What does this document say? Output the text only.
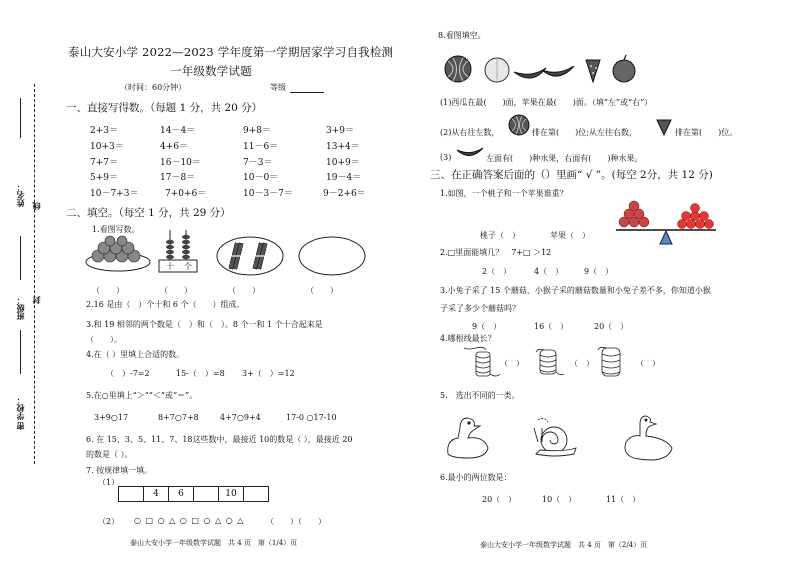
姓名： 线
班级： 封
学校：
密
泰山大安小学 2022—2023 学年度第一学期居家学习自我检测
一年级数学试题
（时间：60分钟）	等级
一、直接写得数。（每题 1 分，共 20 分）
2+3＝	14－4＝	9+8＝	3+9＝
10+3＝	4+6＝	11－6＝	13+4＝
7+7＝	16－10＝	7－3＝	10+9＝
5+9＝	17－8＝	10－0＝	19－4＝
10－7+3＝	7+0+6＝	10－3－7＝	9－2+6＝
二、填空。（每空 1 分，共 29 分）
1.看图写数。
十 个
（　　）	（　　）	（　　）	（　　）
2.16 是由（　）个十和 6 个（　　）组成。
3.和 19 相邻的两个数是（　）和（　）。8 个一和 1 个十合起来是
（　　）。
4.在（ ）里填上合适的数。
（　）-7=2	15-（　）=8 3+（　）=12
5.在○里填上“＞”“＜”或“＝”。
3+9○17	8+7○7+8	4+7○9+4	17-0 ○17-10
6. 在 15、3、5、11、7、18这些数中，最接近 10的数是（ ），最接近 20
的数是（ ）。
7. 按规律填一填。
（1）
4	6	10
（2） ○ □ ○ △ ○ □ ○ △ ○ △	（　　）（　　）
泰山大安小学一年级数学试题　共 4 页　第（1/4）页
8.看图填空。
(1)西瓜在最(　　)面，苹果在最(　　)面。（填“左”或“右”）
(2)从右往左数，	排在第(　　)位;从左往右数，	排在第(　　)位。
(3)	左面有(　　)种水果，右面有(　　)种水果。
三、在正确答案后面的（）里画“ √ ”。(每空 2分，共 12 分)
1.如图，一个桃子和一个苹果谁重？
桃子（　）	苹果（　）
2.□里面能填几？　7+□ ＞12
2（　）	4（　）	9（　）
3.小兔子采了 15 个蘑菇，小猴子采的蘑菇数量和小兔子差不多，你知道小猴
子采了多少个蘑菇吗？
9（　）	16（　）	20（　）
4.哪根线最长？
（　）	（　）	（　）
5.　选出不同的一类。
6.最小的两位数是：
20（　）	10（　）	11（　）
泰山大安小学一年级数学试题　共 4 页　第（2/4）页
